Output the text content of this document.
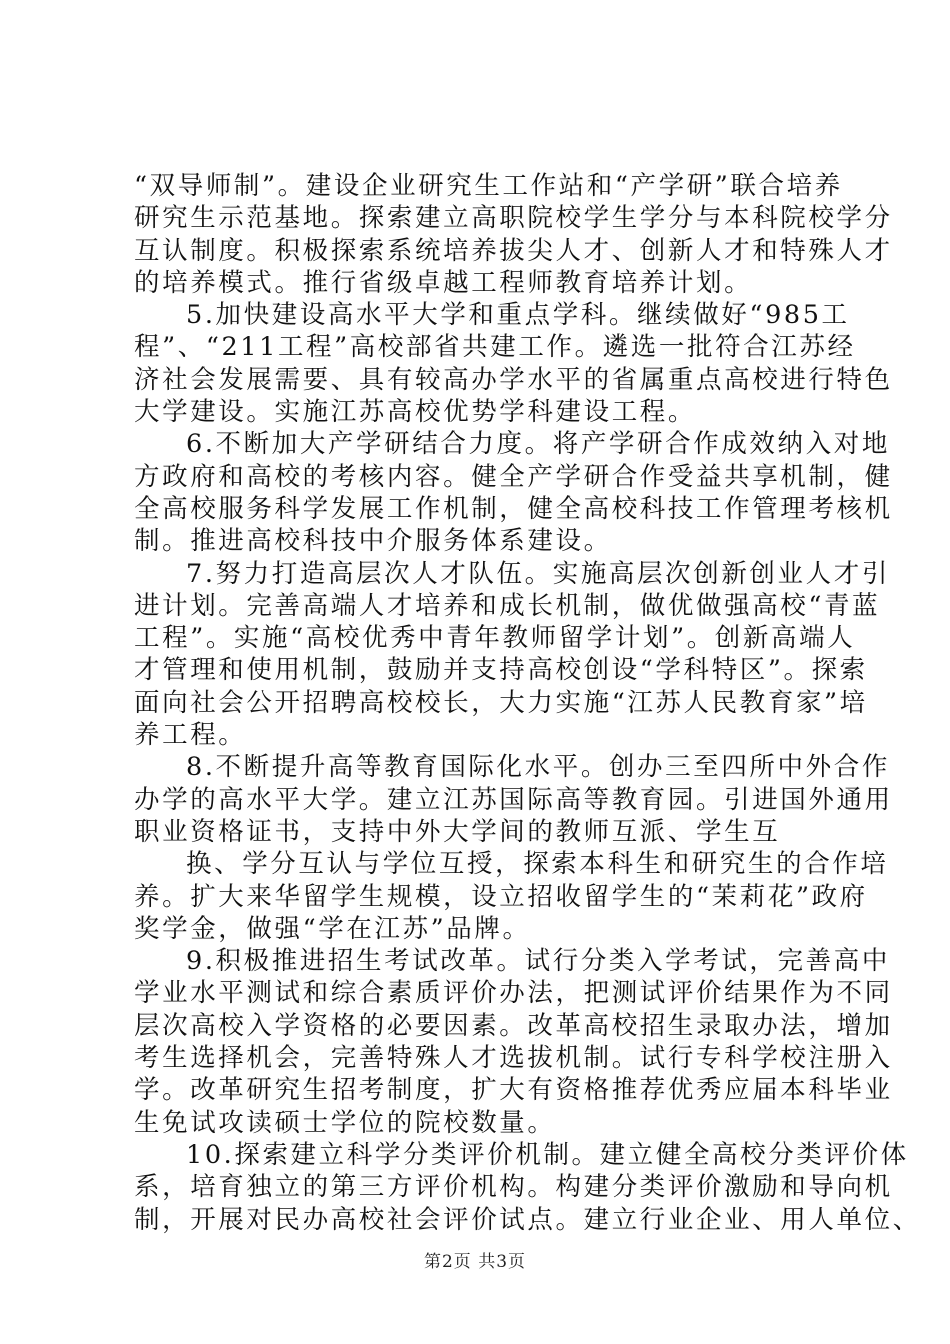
“双导师制”。建设企业研究生工作站和“产学研”联合培养
研究生示范基地。探索建立高职院校学生学分与本科院校学分
互认制度。积极探索系统培养拔尖人才、创新人才和特殊人才
的培养模式。推行省级卓越工程师教育培养计划。
5.加快建设高水平大学和重点学科。继续做好“985工
程”、“211工程”高校部省共建工作。遴选一批符合江苏经
济社会发展需要、具有较高办学水平的省属重点高校进行特色
大学建设。实施江苏高校优势学科建设工程。
6.不断加大产学研结合力度。将产学研合作成效纳入对地
方政府和高校的考核内容。健全产学研合作受益共享机制，健
全高校服务科学发展工作机制，健全高校科技工作管理考核机
制。推进高校科技中介服务体系建设。
7.努力打造高层次人才队伍。实施高层次创新创业人才引
进计划。完善高端人才培养和成长机制，做优做强高校“青蓝
工程”。实施“高校优秀中青年教师留学计划”。创新高端人
才管理和使用机制，鼓励并支持高校创设“学科特区”。探索
面向社会公开招聘高校校长，大力实施“江苏人民教育家”培
养工程。
8.不断提升高等教育国际化水平。创办三至四所中外合作
办学的高水平大学。建立江苏国际高等教育园。引进国外通用
职业资格证书，支持中外大学间的教师互派、学生互
换、学分互认与学位互授，探索本科生和研究生的合作培
养。扩大来华留学生规模，设立招收留学生的“茉莉花”政府
奖学金，做强“学在江苏”品牌。
9.积极推进招生考试改革。试行分类入学考试，完善高中
学业水平测试和综合素质评价办法，把测试评价结果作为不同
层次高校入学资格的必要因素。改革高校招生录取办法，增加
考生选择机会，完善特殊人才选拔机制。试行专科学校注册入
学。改革研究生招考制度，扩大有资格推荐优秀应届本科毕业
生免试攻读硕士学位的院校数量。
10.探索建立科学分类评价机制。建立健全高校分类评价体
系，培育独立的第三方评价机构。构建分类评价激励和导向机
制，开展对民办高校社会评价试点。建立行业企业、用人单位、
第2页 共3页
